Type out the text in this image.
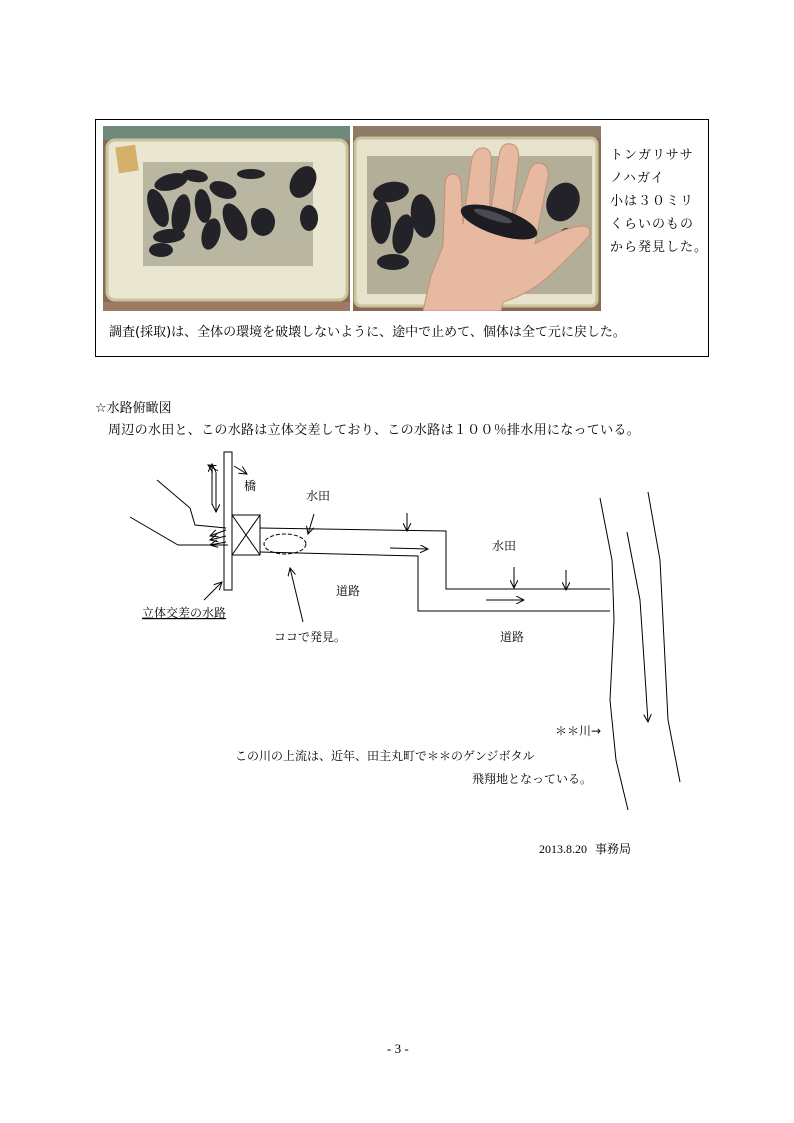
トンガリササ
ノハガイ
小は３０ミリ
くらいのもの
から発見した。
調査(採取)は、全体の環境を破壊しないように、途中で止めて、個体は全て元に戻した。
☆水路俯瞰図
周辺の水田と、この水路は立体交差しており、この水路は１００％排水用になっている。
橋
水田
水田
道路
道路
立体交差の水路
ココで発見。
＊＊川→
この川の上流は、近年、田主丸町で＊＊のゲンジボタル
飛翔地となっている。
2013.8.20 事務局
- 3 -
